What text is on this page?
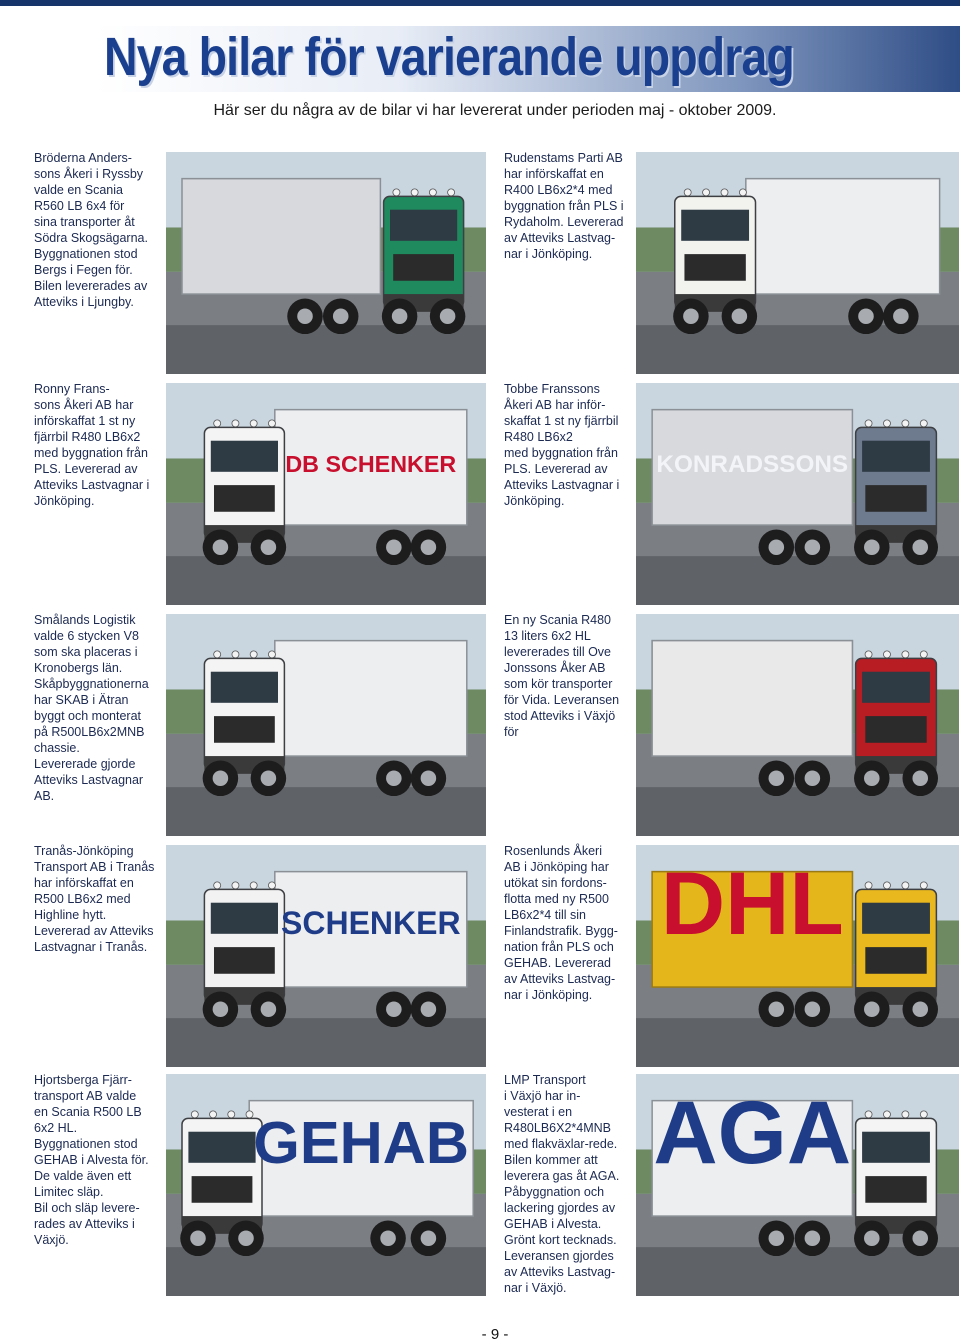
Nya bilar för varierande uppdrag
Här ser du några av de bilar vi har levererat under perioden maj - oktober 2009.

Bröderna Anders-
sons Åkeri i Ryssby
valde en Scania
R560 LB 6x4 för
sina transporter åt
Södra Skogsägarna.
Byggnationen stod
Bergs i Fegen för.
Bilen levererades av
Atteviks i Ljungby.

Rudenstams Parti AB
har införskaffat en
R400 LB6x2*4 med
byggnation från PLS i
Rydaholm. Levererad
av Atteviks Lastvag-
nar i Jönköping.

Ronny Frans-
sons Åkeri AB har
införskaffat 1 st ny
fjärrbil R480 LB6x2
med byggnation från
PLS. Levererad av
Atteviks Lastvagnar i
Jönköping.

DB SCHENKER

Tobbe Franssons
Åkeri AB har inför-
skaffat 1 st ny fjärrbil
R480 LB6x2
med byggnation från
PLS. Levererad av
Atteviks Lastvagnar i
Jönköping.

KONRADSSONS

Smålands Logistik
valde 6 stycken V8
som ska placeras i
Kronobergs län.
Skåpbyggnationerna
har SKAB i Ätran
byggt och monterat
på R500LB6x2MNB
chassie.
Levererade gjorde
Atteviks Lastvagnar
AB.

En ny Scania R480
13 liters 6x2 HL
levererades till Ove
Jonssons Åker AB
som kör transporter
för Vida. Leveransen
stod Atteviks i Växjö
för

Tranås-Jönköping
Transport AB i Tranås
har införskaffat en
R500 LB6x2 med
Highline hytt.
Levererad av Atteviks
Lastvagnar i Tranås.

SCHENKER

Rosenlunds Åkeri
AB i Jönköping har
utökat sin fordons-
flotta med ny R500
LB6x2*4 till sin
Finlandstrafik. Bygg-
nation från PLS och
GEHAB. Levererad
av Atteviks Lastvag-
nar i Jönköping.

DHL

Hjortsberga Fjärr-
transport AB valde
en Scania R500 LB
6x2 HL.
Byggnationen stod
GEHAB i Alvesta för.
De valde även ett
Limitec släp.
Bil och släp levere-
rades av Atteviks i
Växjö.

GEHAB

LMP Transport
i Växjö har in-
vesterat i en
R480LB6X2*4MNB
med flakväxlar-rede.
Bilen kommer att
leverera gas åt AGA.
Påbyggnation och
lackering gjordes av
GEHAB i Alvesta.
Grönt kort tecknads.
Leveransen gjordes
av Atteviks Lastvag-
nar i Växjö.

AGA
- 9 -
